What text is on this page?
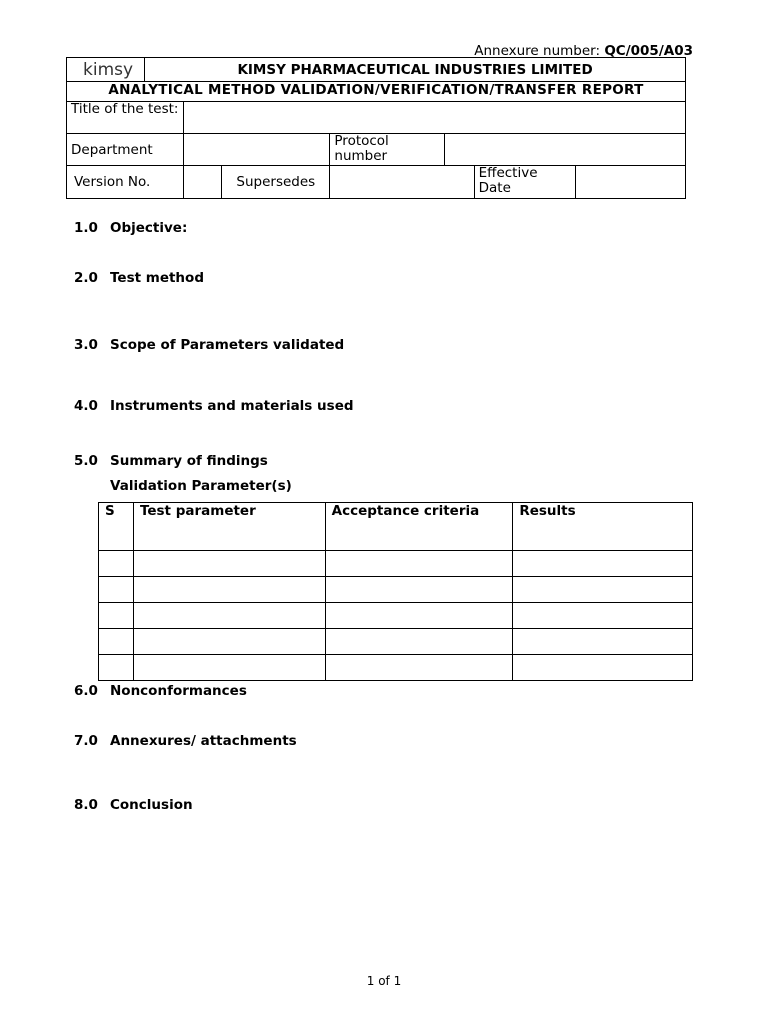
Annexure number: QC/005/A03
kimsy	KIMSY PHARMACEUTICAL INDUSTRIES LIMITED						
ANALYTICAL METHOD VALIDATION/VERIFICATION/TRANSFER REPORT							
Title of the test:							
Department				Protocol number			
Version No.			Supersedes			Effective Date	
1.0 Objective:
2.0 Test method
3.0 Scope of Parameters validated
4.0 Instruments and materials used
5.0 Summary of findings
Validation Parameter(s)
S	Test parameter	Acceptance criteria	Results

6.0 Nonconformances
7.0 Annexures/ attachments
8.0 Conclusion
1 of 1
